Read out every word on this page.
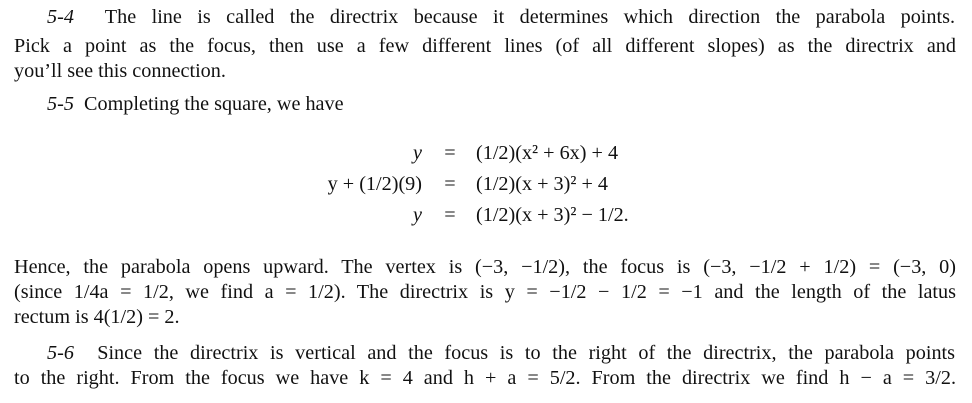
5-4 The line is called the directrix because it determines which direction the parabola points.
Pick a point as the focus, then use a few different lines (of all different slopes) as the directrix and
you’ll see this connection.
5-5 Completing the square, we have
y = (1/2)(x² + 6x) + 4
y + (1/2)(9) = (1/2)(x + 3)² + 4
y = (1/2)(x + 3)² − 1/2.
Hence, the parabola opens upward. The vertex is (−3, −1/2), the focus is (−3, −1/2 + 1/2) = (−3, 0)
(since 1/4a = 1/2, we find a = 1/2). The directrix is y = −1/2 − 1/2 = −1 and the length of the latus
rectum is 4(1/2) = 2.
5-6 Since the directrix is vertical and the focus is to the right of the directrix, the parabola points
to the right. From the focus we have k = 4 and h + a = 5/2. From the directrix we find h − a = 3/2.
